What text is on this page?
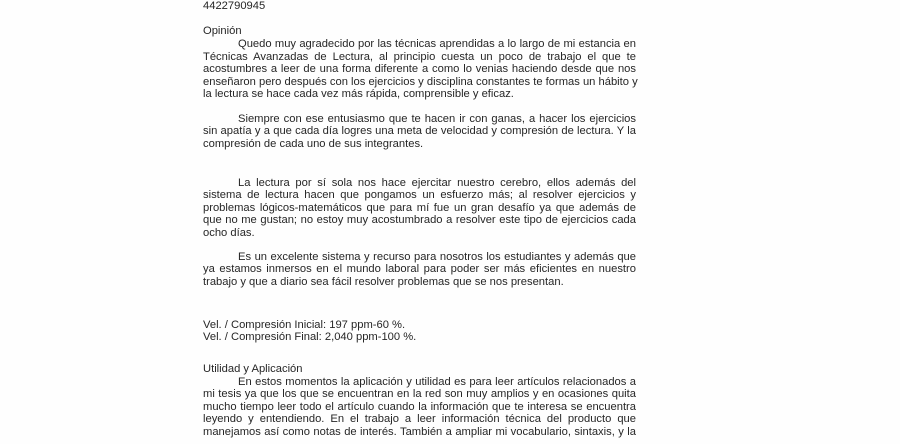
4422790945
Opinión
Quedo muy agradecido por las técnicas aprendidas a lo largo de mi estancia en
Técnicas Avanzadas de Lectura, al principio cuesta un poco de trabajo el que te
acostumbres a leer de una forma diferente a como lo venias haciendo desde que nos
enseñaron pero después con los ejercicios y disciplina constantes te formas un hábito y
la lectura se hace cada vez más rápida, comprensible y eficaz.
Siempre con ese entusiasmo que te hacen ir con ganas, a hacer los ejercicios
sin apatía y a que cada día logres una meta de velocidad y compresión de lectura. Y la
compresión de cada uno de sus integrantes.
La lectura por sí sola nos hace ejercitar nuestro cerebro, ellos además del
sistema de lectura hacen que pongamos un esfuerzo más; al resolver ejercicios y
problemas lógicos-matemáticos que para mí fue un gran desafío ya que además de
que no me gustan; no estoy muy acostumbrado a resolver este tipo de ejercicios cada
ocho días.
Es un excelente sistema y recurso para nosotros los estudiantes y además que
ya estamos inmersos en el mundo laboral para poder ser más eficientes en nuestro
trabajo y que a diario sea fácil resolver problemas que se nos presentan.
Vel. / Compresión Inicial: 197 ppm-60 %.
Vel. / Compresión Final: 2,040 ppm-100 %.
Utilidad y Aplicación
En estos momentos la aplicación y utilidad es para leer artículos relacionados a
mi tesis ya que los que se encuentran en la red son muy amplios y en ocasiones quita
mucho tiempo leer todo el artículo cuando la información que te interesa se encuentra
leyendo y entendiendo. En el trabajo a leer información técnica del producto que
manejamos así como notas de interés. También a ampliar mi vocabulario, sintaxis, y la
